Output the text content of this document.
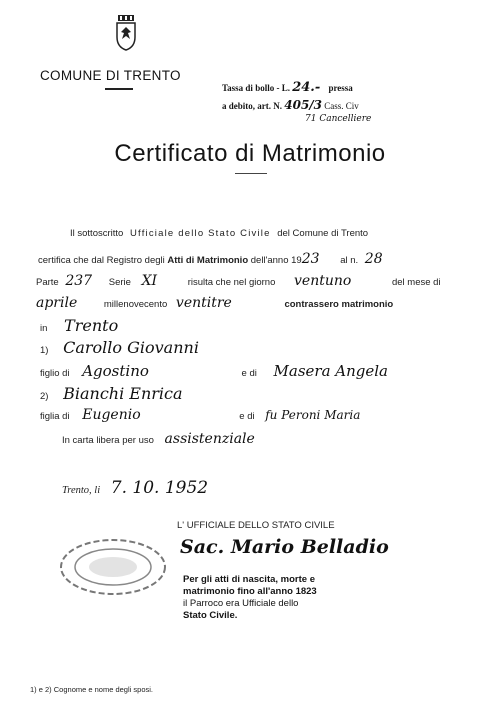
COMUNE DI TRENTO
Tassa di bollo - L. 24.- pressa
a debito, art. N. 405/3 Cass. Civ
71 Cancelliere
Certificato di Matrimonio
Il sottoscritto Ufficiale dello Stato Civile del Comune di Trento
certifica che dal Registro degli Atti di Matrimonio dell'anno 1923 al n. 28
Parte 237 Serie XI	risulta che nel giorno ventuno	del mese di
aprile	millenovecento ventitre	contrassero matrimonio
in Trento
1) Carollo Giovanni
figlio di Agostino	e di Masera Angela
2) Bianchi Enrica
figlia di Eugenio	e di fu Peroni Maria
In carta libera per uso assistenziale
Trento, li 7. 10. 1952
L' UFFICIALE DELLO STATO CIVILE
Sac. Mario Belladio
Per gli atti di nascita, morte e
matrimonio fino all'anno 1823
il Parroco era Ufficiale dello
Stato Civile.
1) e 2) Cognome e nome degli sposi.
